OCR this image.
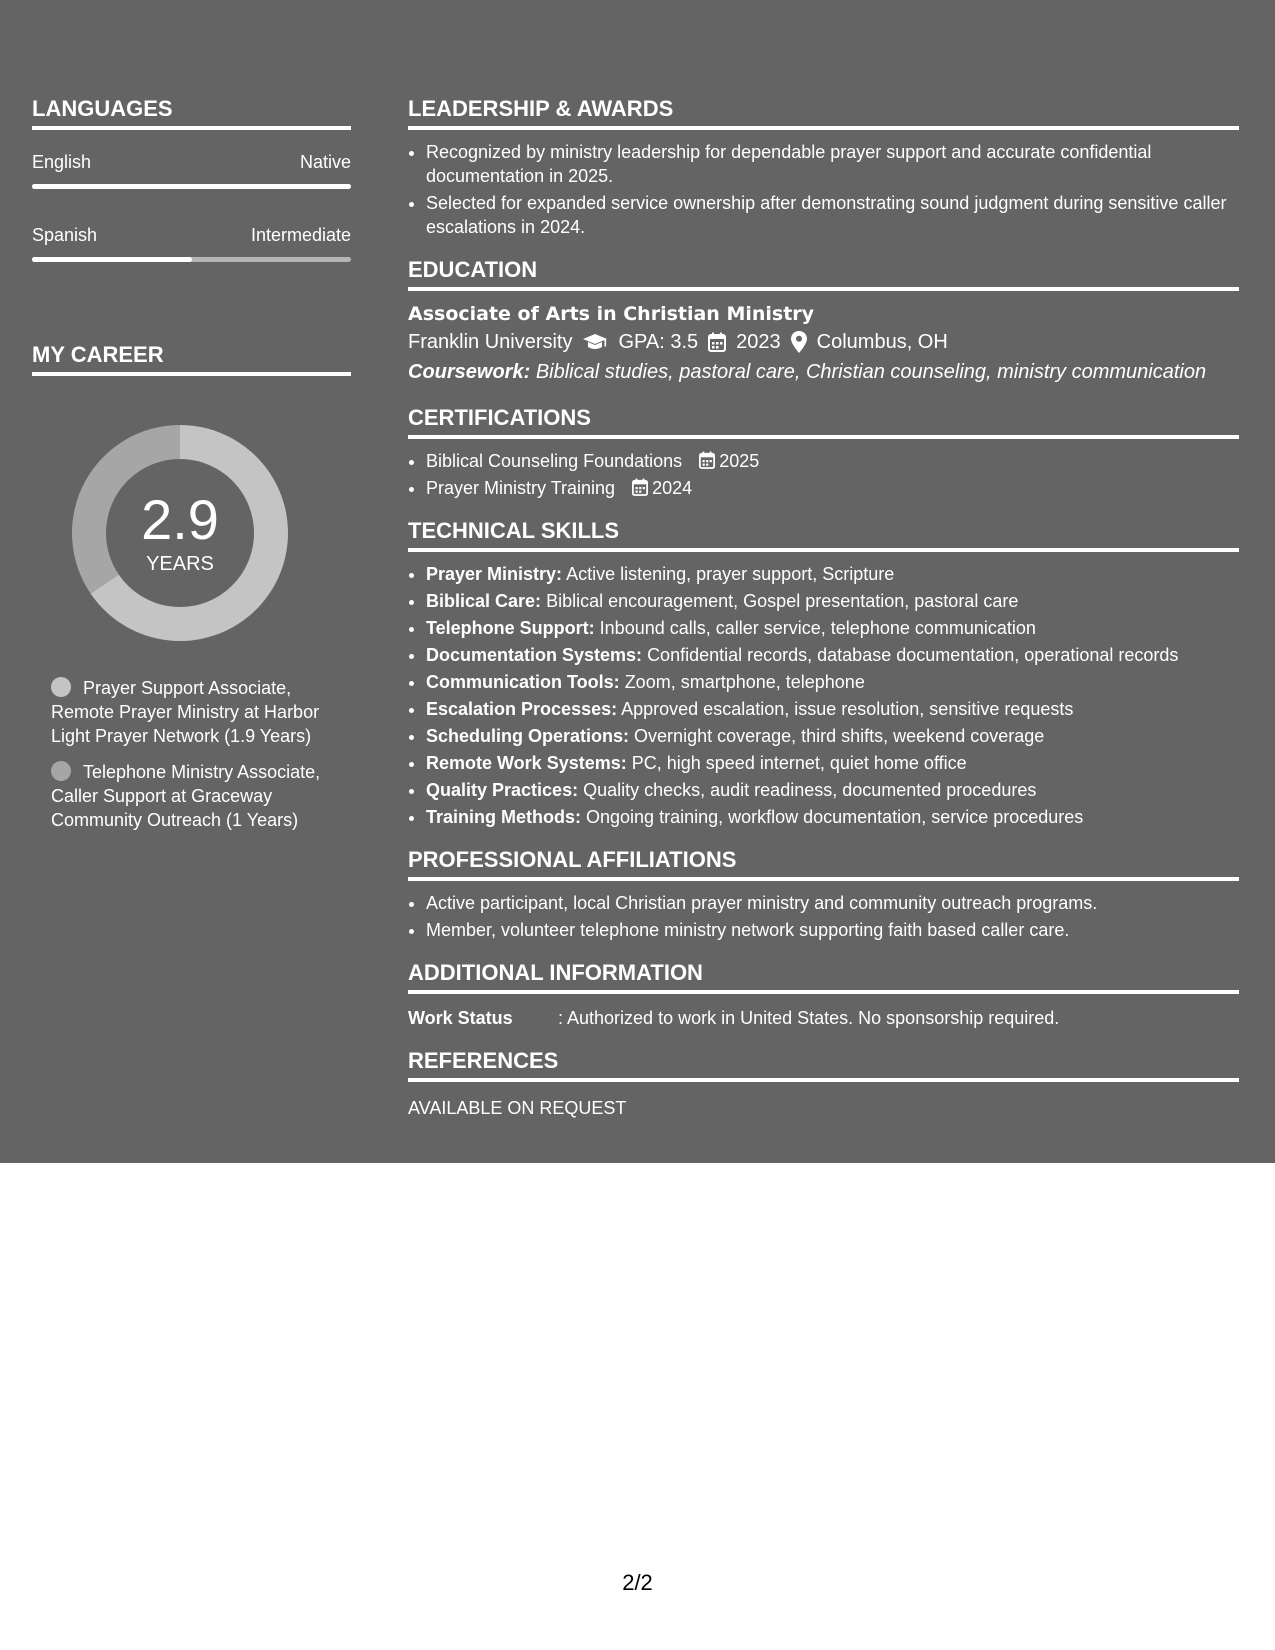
LANGUAGES
English	Native
Spanish	Intermediate
MY CAREER
2.9
YEARS
Prayer Support Associate, Remote Prayer Ministry at Harbor Light Prayer Network (1.9 Years)
Telephone Ministry Associate, Caller Support at Graceway Community Outreach (1 Years)
LEADERSHIP & AWARDS
• Recognized by ministry leadership for dependable prayer support and accurate confidential documentation in 2025.
• Selected for expanded service ownership after demonstrating sound judgment during sensitive caller escalations in 2024.
EDUCATION
Associate of Arts in Christian Ministry
Franklin University GPA: 3.5 2023 Columbus, OH
Coursework: Biblical studies, pastoral care, Christian counseling, ministry communication
CERTIFICATIONS
• Biblical Counseling Foundations 2025
• Prayer Ministry Training 2024
TECHNICAL SKILLS
• Prayer Ministry: Active listening, prayer support, Scripture
• Biblical Care: Biblical encouragement, Gospel presentation, pastoral care
• Telephone Support: Inbound calls, caller service, telephone communication
• Documentation Systems: Confidential records, database documentation, operational records
• Communication Tools: Zoom, smartphone, telephone
• Escalation Processes: Approved escalation, issue resolution, sensitive requests
• Scheduling Operations: Overnight coverage, third shifts, weekend coverage
• Remote Work Systems: PC, high speed internet, quiet home office
• Quality Practices: Quality checks, audit readiness, documented procedures
• Training Methods: Ongoing training, workflow documentation, service procedures
PROFESSIONAL AFFILIATIONS
• Active participant, local Christian prayer ministry and community outreach programs.
• Member, volunteer telephone ministry network supporting faith based caller care.
ADDITIONAL INFORMATION
Work Status	: Authorized to work in United States. No sponsorship required.
REFERENCES
AVAILABLE ON REQUEST
2/2
